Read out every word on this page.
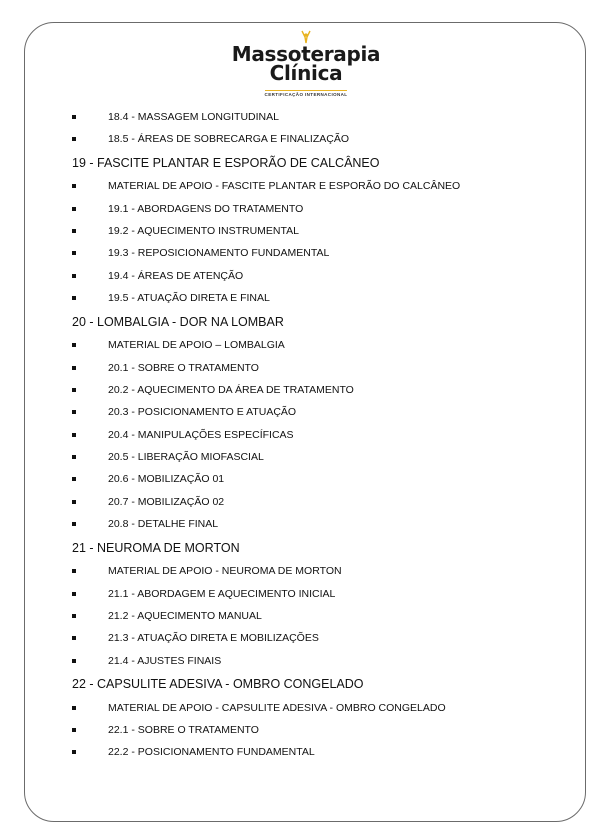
Massoterapia
Clínica
CERTIFICAÇÃO INTERNACIONAL
18.4 - MASSAGEM LONGITUDINAL
18.5 - ÁREAS DE SOBRECARGA E FINALIZAÇÃO
19 - FASCITE PLANTAR E ESPORÃO DE CALCÂNEO
MATERIAL DE APOIO - FASCITE PLANTAR E ESPORÃO DO CALCÂNEO
19.1 - ABORDAGENS DO TRATAMENTO
19.2 - AQUECIMENTO INSTRUMENTAL
19.3 - REPOSICIONAMENTO FUNDAMENTAL
19.4 - ÁREAS DE ATENÇÃO
19.5 - ATUAÇÃO DIRETA E FINAL
20 - LOMBALGIA - DOR NA LOMBAR
MATERIAL DE APOIO – LOMBALGIA
20.1 - SOBRE O TRATAMENTO
20.2 - AQUECIMENTO DA ÁREA DE TRATAMENTO
20.3 - POSICIONAMENTO E ATUAÇÃO
20.4 - MANIPULAÇÕES ESPECÍFICAS
20.5 - LIBERAÇÃO MIOFASCIAL
20.6 - MOBILIZAÇÃO 01
20.7 - MOBILIZAÇÃO 02
20.8 - DETALHE FINAL
21 - NEUROMA DE MORTON
MATERIAL DE APOIO - NEUROMA DE MORTON
21.1 - ABORDAGEM E AQUECIMENTO INICIAL
21.2 - AQUECIMENTO MANUAL
21.3 - ATUAÇÃO DIRETA E MOBILIZAÇÕES
21.4 - AJUSTES FINAIS
22 - CAPSULITE ADESIVA - OMBRO CONGELADO
MATERIAL DE APOIO - CAPSULITE ADESIVA - OMBRO CONGELADO
22.1 - SOBRE O TRATAMENTO
22.2 - POSICIONAMENTO FUNDAMENTAL
